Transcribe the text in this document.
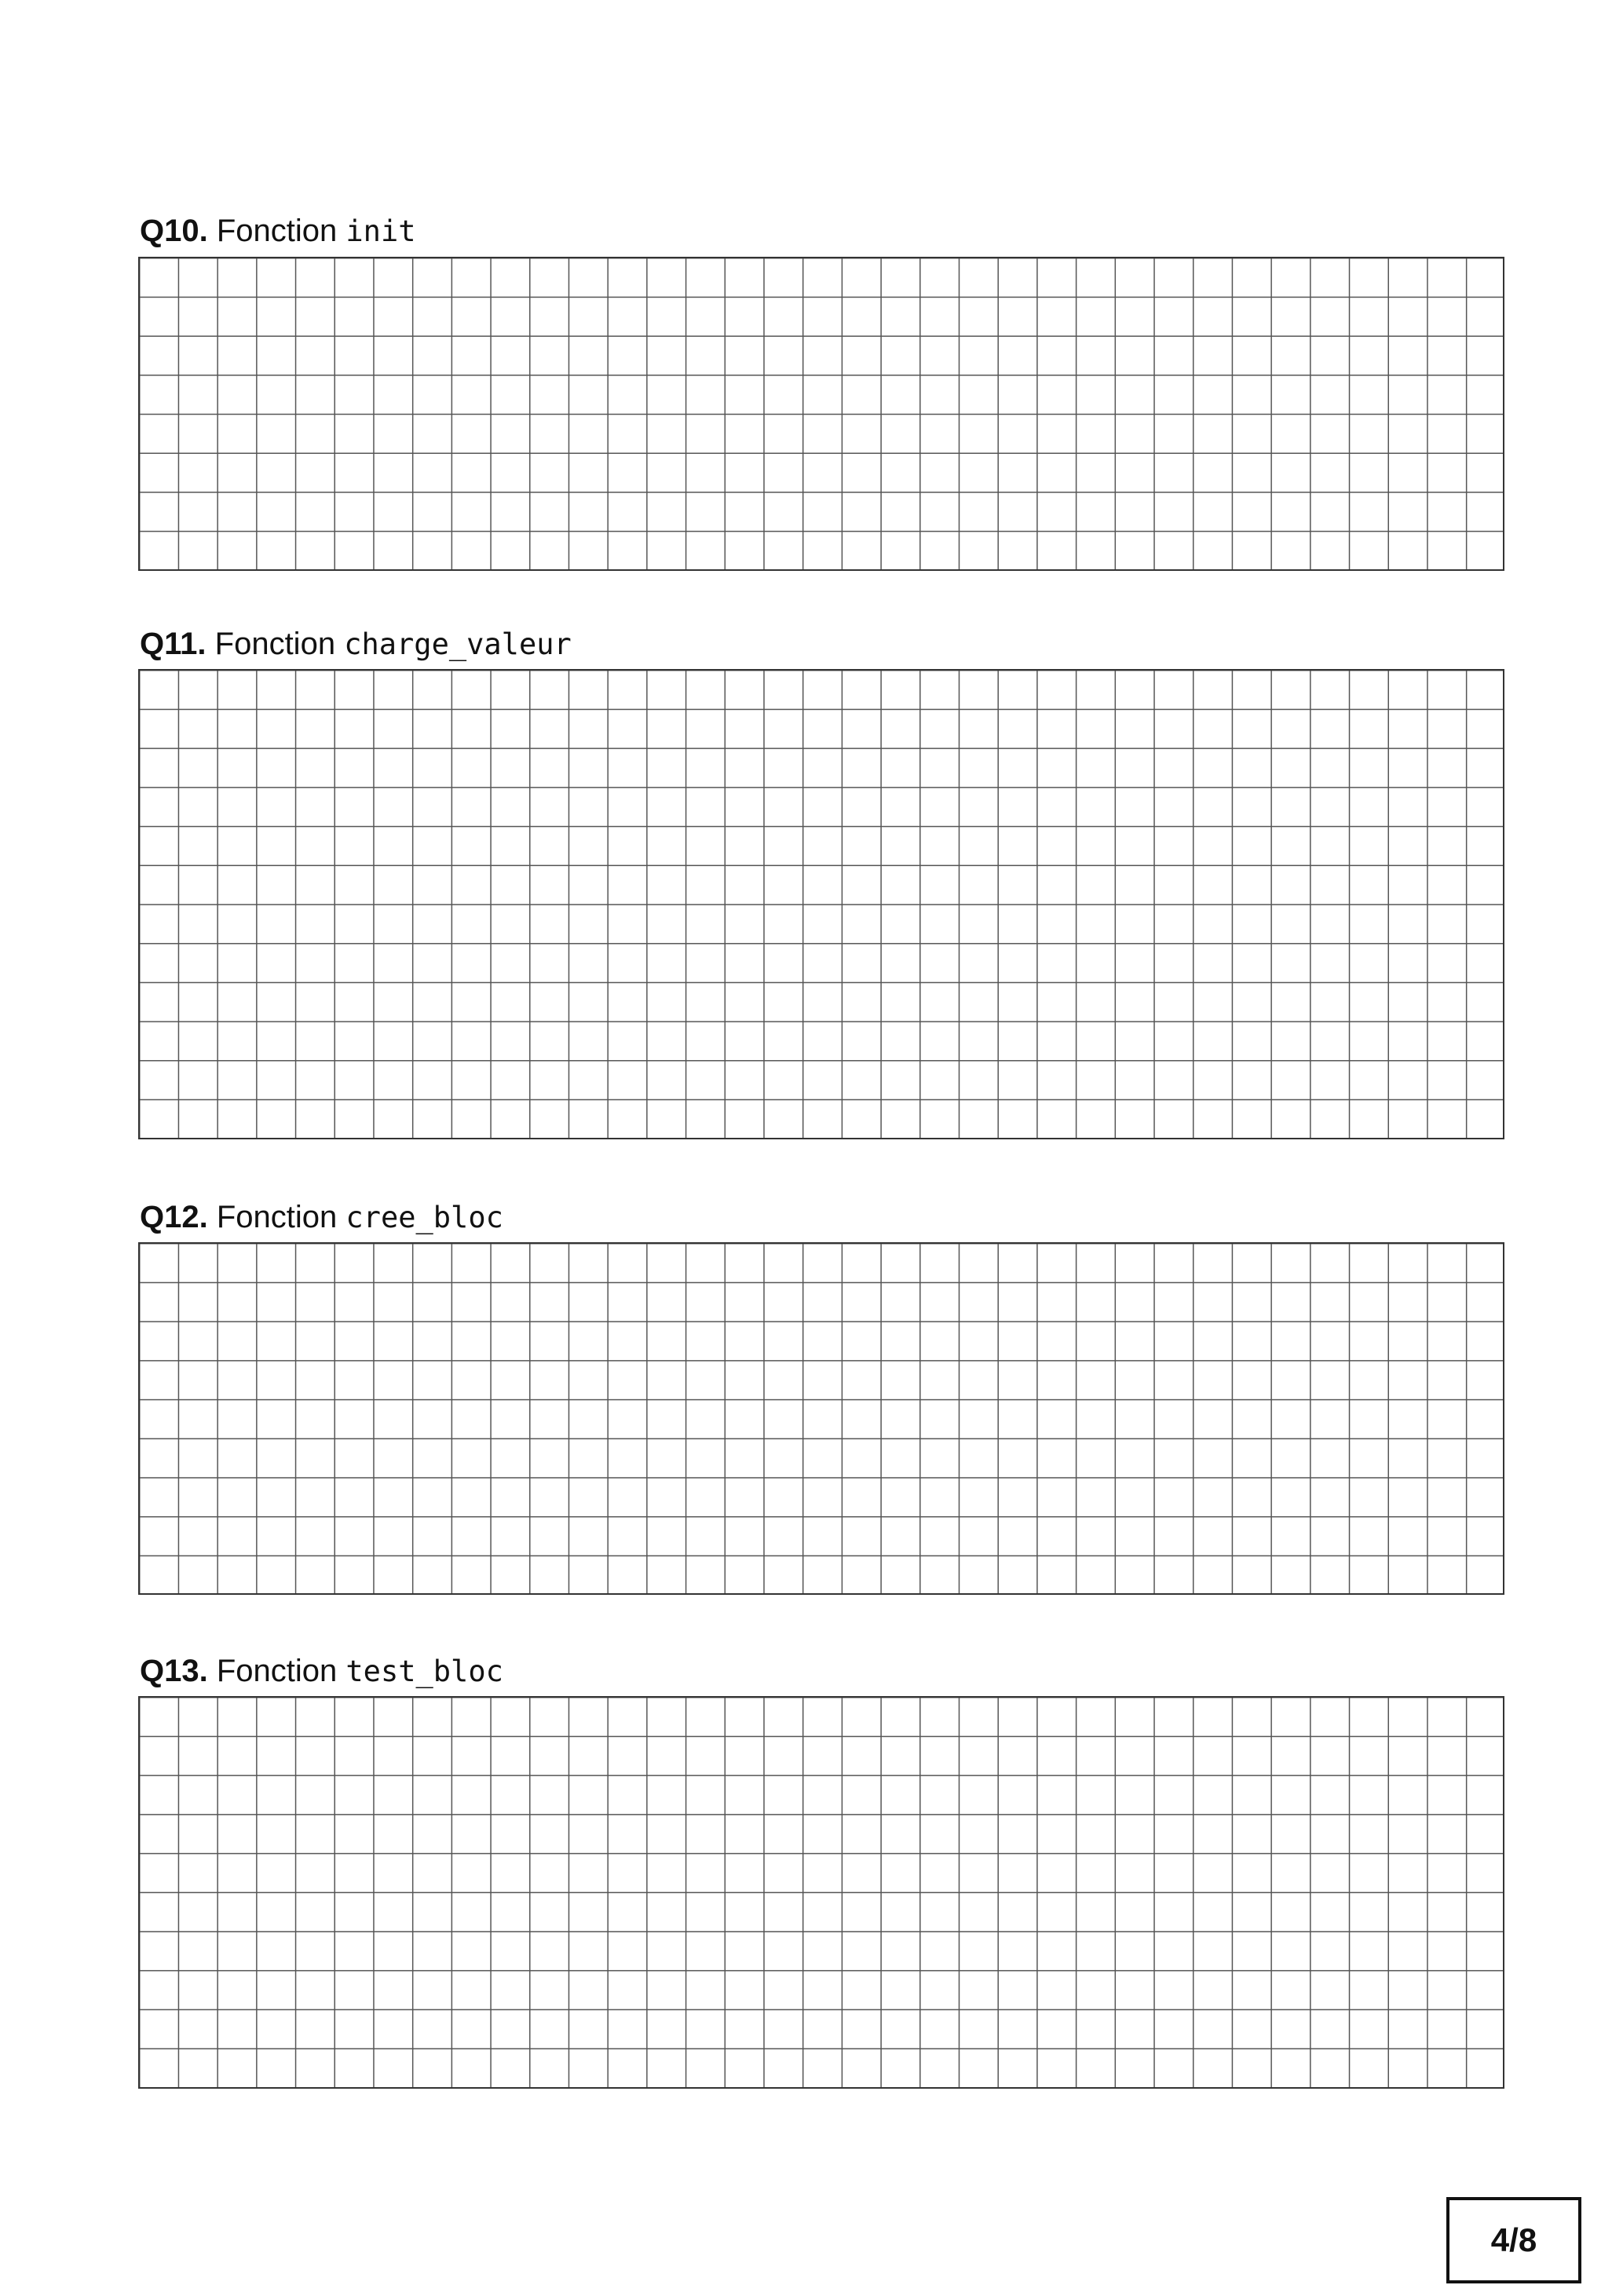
Q10. Fonction init
Q11. Fonction charge_valeur
Q12. Fonction cree_bloc
Q13. Fonction test_bloc
4/8
